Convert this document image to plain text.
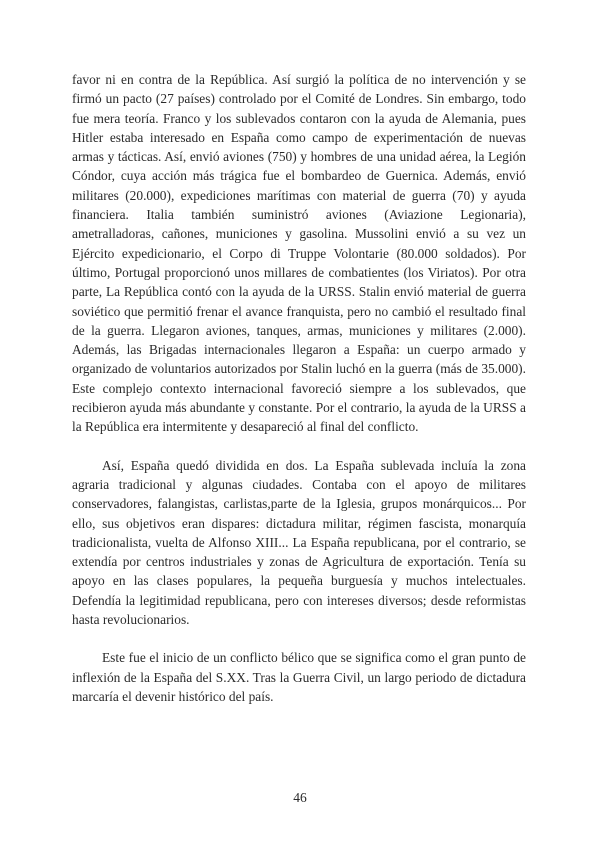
favor ni en contra de la República. Así surgió la política de no intervención y se firmó un pacto (27 países) controlado por el Comité de Londres. Sin embargo, todo fue mera teoría. Franco y los sublevados contaron con la ayuda de Alemania, pues Hitler estaba interesado en España como campo de experimentación de nuevas armas y tácticas. Así, envió aviones (750) y hombres de una unidad aérea, la Legión Cóndor, cuya acción más trágica fue el bombardeo de Guernica. Además, envió militares (20.000), expediciones marítimas con material de guerra (70) y ayuda financiera. Italia también suministró aviones (Aviazione Legionaria), ametralladoras, cañones, municiones y gasolina. Mussolini envió a su vez un Ejército expedicionario, el Corpo di Truppe Volontarie (80.000 soldados). Por último, Portugal proporcionó unos millares de combatientes (los Viriatos). Por otra parte, La República contó con la ayuda de la URSS. Stalin envió material de guerra soviético que permitió frenar el avance franquista, pero no cambió el resultado final de la guerra. Llegaron aviones, tanques, armas, municiones y militares (2.000). Además, las Brigadas internacionales llegaron a España: un cuerpo armado y organizado de voluntarios autorizados por Stalin luchó en la guerra (más de 35.000). Este complejo contexto internacional favoreció siempre a los sublevados, que recibieron ayuda más abundante y constante. Por el contrario, la ayuda de la URSS a la República era intermitente y desapareció al final del conflicto.

Así, España quedó dividida en dos. La España sublevada incluía la zona agraria tradicional y algunas ciudades. Contaba con el apoyo de militares conservadores, falangistas, carlistas,parte de la Iglesia, grupos monárquicos... Por ello, sus objetivos eran dispares: dictadura militar, régimen fascista, monarquía tradicionalista, vuelta de Alfonso XIII... La España republicana, por el contrario, se extendía por centros industriales y zonas de Agricultura de exportación. Tenía su apoyo en las clases populares, la pequeña burguesía y muchos intelectuales. Defendía la legitimidad republicana, pero con intereses diversos; desde reformistas hasta revolucionarios.

Este fue el inicio de un conflicto bélico que se significa como el gran punto de inflexión de la España del S.XX. Tras la Guerra Civil, un largo periodo de dictadura marcaría el devenir histórico del país.

46
